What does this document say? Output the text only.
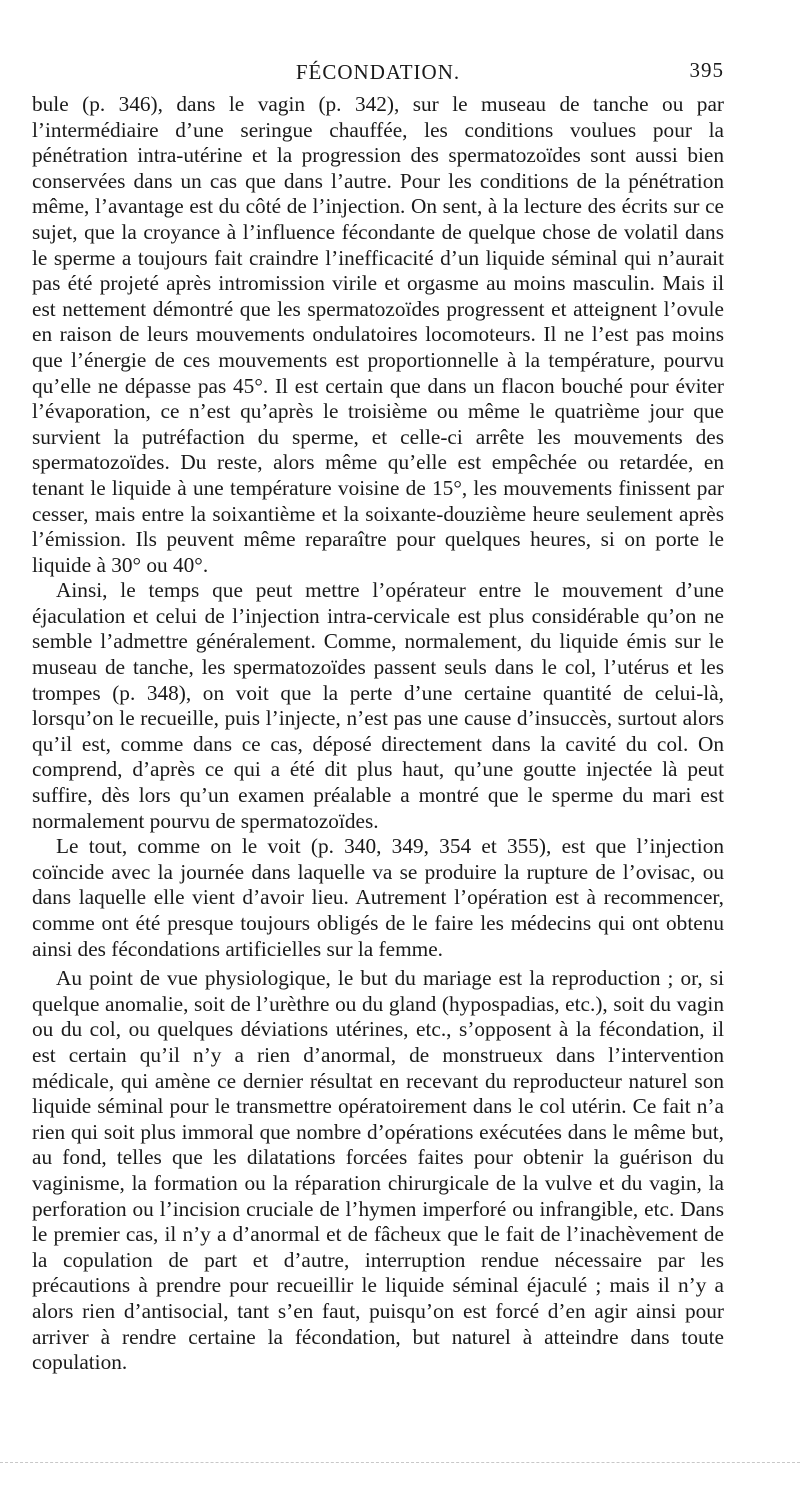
FÉCONDATION.	395

bule (p. 346), dans le vagin (p. 342), sur le museau de tanche ou par l’intermédiaire d’une seringue chauffée, les conditions voulues pour la pénétration intra-utérine et la progression des spermatozoïdes sont aussi bien conservées dans un cas que dans l’autre. Pour les conditions de la pénétration même, l’avantage est du côté de l’injection. On sent, à la lecture des écrits sur ce sujet, que la croyance à l’influence fécondante de quelque chose de volatil dans le sperme a toujours fait craindre l’inefficacité d’un liquide séminal qui n’aurait pas été projeté après intromission virile et orgasme au moins masculin. Mais il est nettement démontré que les spermatozoïdes progressent et atteignent l’ovule en raison de leurs mouvements ondulatoires locomoteurs. Il ne l’est pas moins que l’énergie de ces mouvements est proportionnelle à la température, pourvu qu’elle ne dépasse pas 45°. Il est certain que dans un flacon bouché pour éviter l’évaporation, ce n’est qu’après le troisième ou même le quatrième jour que survient la putréfaction du sperme, et celle-ci arrête les mouvements des spermatozoïdes. Du reste, alors même qu’elle est empêchée ou retardée, en tenant le liquide à une température voisine de 15°, les mouvements finissent par cesser, mais entre la soixantième et la soixante-douzième heure seulement après l’émission. Ils peuvent même reparaître pour quelques heures, si on porte le liquide à 30° ou 40°.

Ainsi, le temps que peut mettre l’opérateur entre le mouvement d’une éjaculation et celui de l’injection intra-cervicale est plus considérable qu’on ne semble l’admettre généralement. Comme, normalement, du liquide émis sur le museau de tanche, les spermatozoïdes passent seuls dans le col, l’utérus et les trompes (p. 348), on voit que la perte d’une certaine quantité de celui-là, lorsqu’on le recueille, puis l’injecte, n’est pas une cause d’insuccès, surtout alors qu’il est, comme dans ce cas, déposé directement dans la cavité du col. On comprend, d’après ce qui a été dit plus haut, qu’une goutte injectée là peut suffire, dès lors qu’un examen préalable a montré que le sperme du mari est normalement pourvu de spermatozoïdes.

Le tout, comme on le voit (p. 340, 349, 354 et 355), est que l’injection coïncide avec la journée dans laquelle va se produire la rupture de l’ovisac, ou dans laquelle elle vient d’avoir lieu. Autrement l’opération est à recommencer, comme ont été presque toujours obligés de le faire les médecins qui ont obtenu ainsi des fécondations artificielles sur la femme.

Au point de vue physiologique, le but du mariage est la reproduction ; or, si quelque anomalie, soit de l’urèthre ou du gland (hypospadias, etc.), soit du vagin ou du col, ou quelques déviations utérines, etc., s’opposent à la fécondation, il est certain qu’il n’y a rien d’anormal, de monstrueux dans l’intervention médicale, qui amène ce dernier résultat en recevant du reproducteur naturel son liquide séminal pour le transmettre opératoirement dans le col utérin. Ce fait n’a rien qui soit plus immoral que nombre d’opérations exécutées dans le même but, au fond, telles que les dilatations forcées faites pour obtenir la guérison du vaginisme, la formation ou la réparation chirurgicale de la vulve et du vagin, la perforation ou l’incision cruciale de l’hymen imperforé ou infrangible, etc. Dans le premier cas, il n’y a d’anormal et de fâcheux que le fait de l’inachèvement de la copulation de part et d’autre, interruption rendue nécessaire par les précautions à prendre pour recueillir le liquide séminal éjaculé ; mais il n’y a alors rien d’antisocial, tant s’en faut, puisqu’on est forcé d’en agir ainsi pour arriver à rendre certaine la fécondation, but naturel à atteindre dans toute copulation.
